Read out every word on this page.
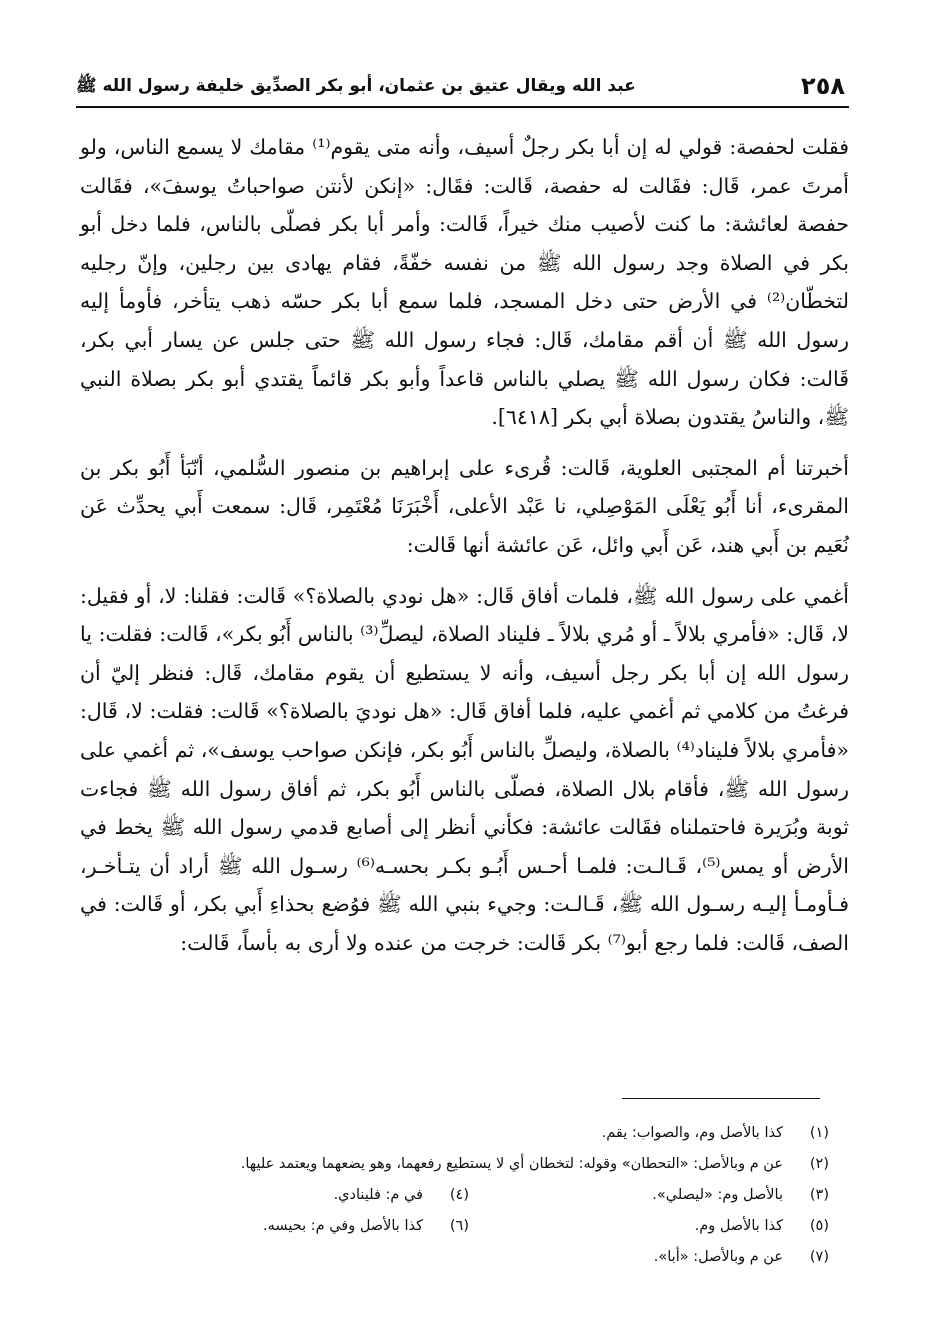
٢٥٨
عبد الله ويقال عتيق بن عثمان، أبو بكر الصدِّيق خليفة رسول الله ﷺ

فقلت لحفصة: قولي له إن أبا بكر رجلٌ أسيف، وأنه متى يقوم⁽¹⁾ مقامك لا يسمع الناس، ولو أمرتَ عمر، قَال: فقَالت له حفصة، قَالت: فقَال: «إنكن لأنتن صواحباتُ يوسفَ»، فقَالت حفصة لعائشة: ما كنت لأصيب منك خيراً، قَالت: وأمر أبا بكر فصلّى بالناس، فلما دخل أبو بكر في الصلاة وجد رسول الله ﷺ من نفسه خفّةً، فقام يهادى بين رجلين، وإنّ رجليه لتخطّان⁽²⁾ في الأرض حتى دخل المسجد، فلما سمع أبا بكر حسّه ذهب يتأخر، فأومأ إليه رسول الله ﷺ أن أقم مقامك، قَال: فجاء رسول الله ﷺ حتى جلس عن يسار أبي بكر، قَالت: فكان رسول الله ﷺ يصلي بالناس قاعداً وأبو بكر قائماً يقتدي أبو بكر بصلاة النبي ﷺ، والناسُ يقتدون بصلاة أبي بكر [٦٤١٨].

أخبرتنا أم المجتبى العلوية، قَالت: قُرىء على إبراهيم بن منصور السُّلمي، أنّبَأ أَبُو بكر بن المقرىء، أنا أَبُو يَعْلَى المَوْصِلي، نا عَبْد الأعلى، أَخْبَرَنَا مُعْتَمِر، قَال: سمعت أَبي يحدِّث عَن نُعَيم بن أَبي هند، عَن أَبي وائل، عَن عائشة أنها قَالت:

أغمي على رسول الله ﷺ، فلمات أفاق قَال: «هل نودي بالصلاة؟» قَالت: فقلنا: لا، أو فقيل: لا، قَال: «فأمري بلالاً ـ أو مُري بلالاً ـ فليناد الصلاة، ليصلِّ⁽³⁾ بالناس أَبُو بكر»، قَالت: فقلت: يا رسول الله إن أبا بكر رجل أسيف، وأنه لا يستطيع أن يقوم مقامك، قَال: فنظر إليّ أن فرغتُ من كلامي ثم أغمي عليه، فلما أفاق قَال: «هل نوديَ بالصلاة؟» قَالت: فقلت: لا، قَال: «فأمري بلالاً فليناد⁽⁴⁾ بالصلاة، وليصلِّ بالناس أَبُو بكر، فإنكن صواحب يوسف»، ثم أغمي على رسول الله ﷺ، فأقام بلال الصلاة، فصلّى بالناس أَبُو بكر، ثم أفاق رسول الله ﷺ فجاءت ثوبة وبُرَيرة فاحتملناه فقَالت عائشة: فكأني أنظر إلى أصابع قدمي رسول الله ﷺ يخط في الأرض أو يمس⁽⁵⁾، قَـالـت: فلمـا أحـس أَبُـو بكـر بحسـه⁽⁶⁾ رسـول الله ﷺ أراد أن يتـأخـر، فـأومـأ إليـه رسـول الله ﷺ، قَـالـت: وجيء بنبي الله ﷺ فوُضع بحذاءِ أَبي بكر، أو قَالت: في الصف، قَالت: فلما رجع أبو⁽⁷⁾ بكر قَالت: خرجت من عنده ولا أرى به بأساً، قَالت:

(١)
كذا بالأصل وم، والصواب: يقم.
(٢)
عن م وبالأصل: «التحطان» وقوله: لتخطان أي لا يستطيع رفعهما، وهو يضعهما ويعتمد عليها.
(٣)
بالأصل وم: «ليصلي».
(٤)
في م: فلينادي.
(٥)
كذا بالأصل وم.
(٦)
كذا بالأصل وفي م: بحيسه.
(٧)
عن م وبالأصل: «أبا».
